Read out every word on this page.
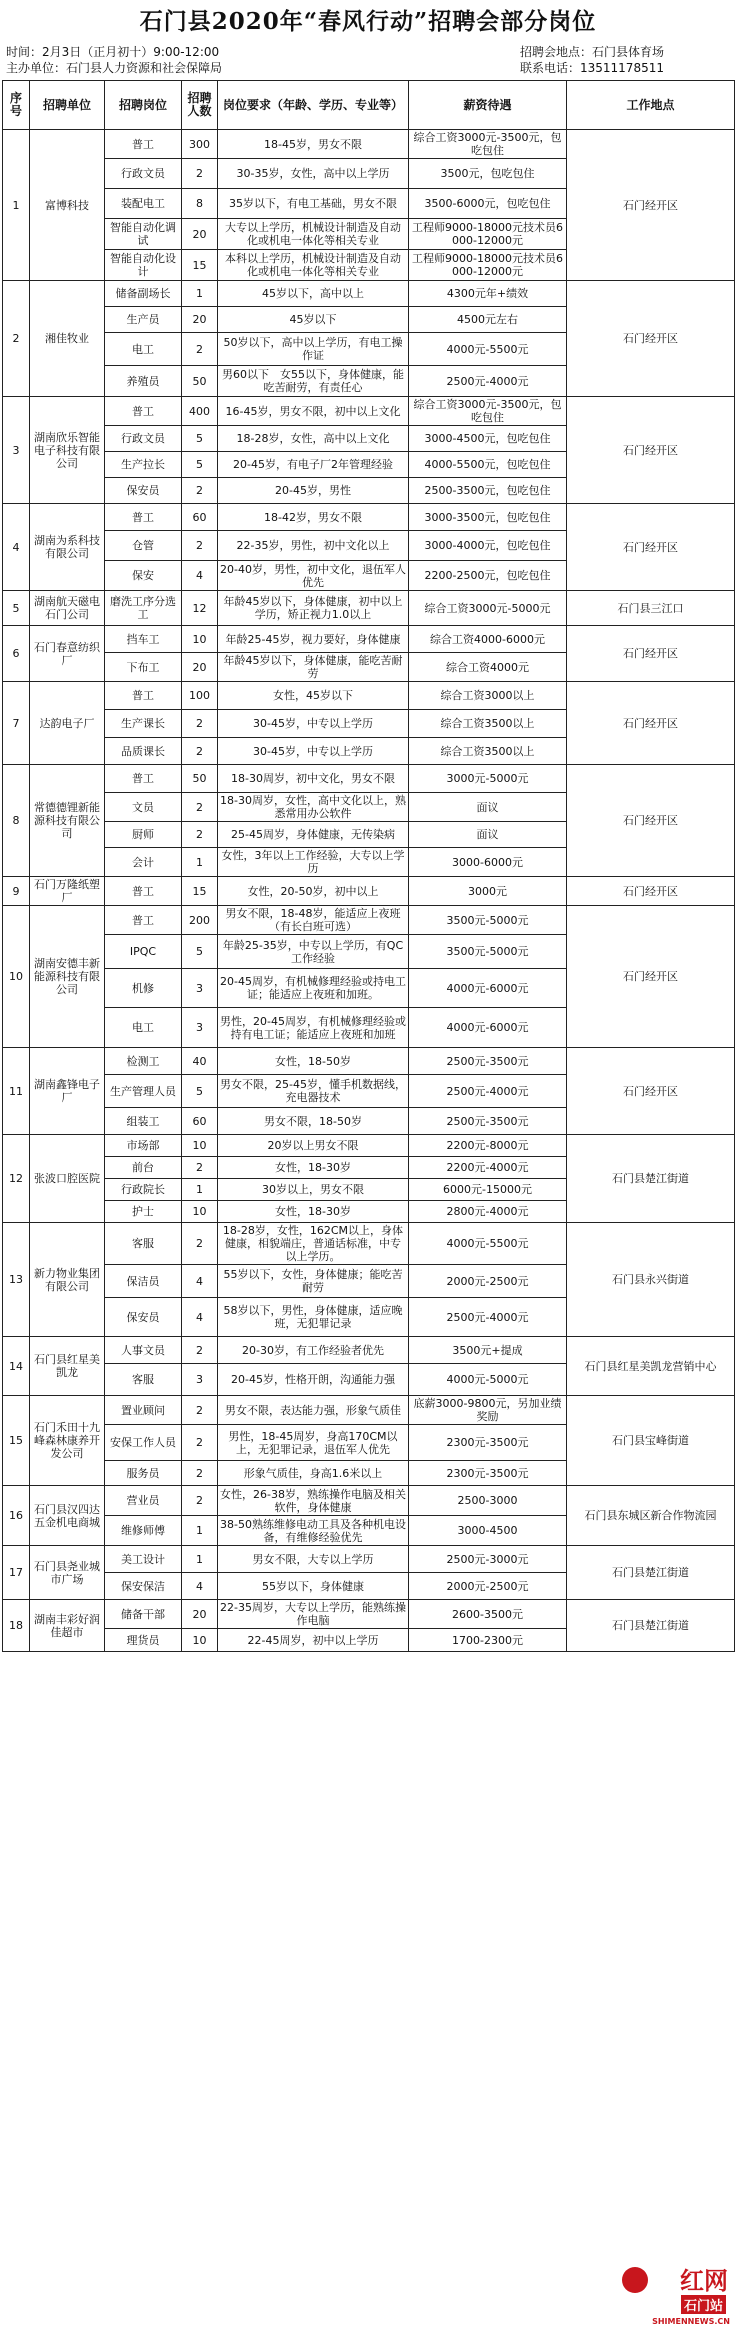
石门县2020年“春风行动”招聘会部分岗位
时间：2月3日（正月初十）9:00-12:00
主办单位：石门县人力资源和社会保障局
招聘会地点：石门县体育场
联系电话：13511178511
序号	招聘单位	招聘岗位	招聘人数	岗位要求（年龄、学历、专业等）	薪资待遇	工作地点
1	富博科技	普工	300	18-45岁，男女不限	综合工资3000元-3500元，包吃包住	石门经开区
		行政文员	2	30-35岁，女性，高中以上学历	3500元，包吃包住	
		装配电工	8	35岁以下，有电工基础，男女不限	3500-6000元，包吃包住	
		智能自动化调试	20	大专以上学历，机械设计制造及自动化或机电一体化等相关专业	工程师9000-18000元技术员6000-12000元	
		智能自动化设计	15	本科以上学历，机械设计制造及自动化或机电一体化等相关专业	工程师9000-18000元技术员6000-12000元	
2	湘佳牧业	储备副场长	1	45岁以下，高中以上	4300元年+绩效	石门经开区
		生产员	20	45岁以下	4500元左右	
		电工	2	50岁以下，高中以上学历，有电工操作证	4000元-5500元	
		养殖员	50	男60以下　女55以下，身体健康，能吃苦耐劳，有责任心	2500元-4000元	
3	湖南欣乐智能电子科技有限公司	普工	400	16-45岁，男女不限，初中以上文化	综合工资3000元-3500元，包吃包住	石门经开区
		行政文员	5	18-28岁，女性，高中以上文化	3000-4500元，包吃包住	
		生产拉长	5	20-45岁，有电子厂2年管理经验	4000-5500元，包吃包住	
		保安员	2	20-45岁，男性	2500-3500元，包吃包住	
4	湖南为系科技有限公司	普工	60	18-42岁，男女不限	3000-3500元，包吃包住	石门经开区
		仓管	2	22-35岁，男性，初中文化以上	3000-4000元，包吃包住	
		保安	4	20-40岁，男性，初中文化，退伍军人优先	2200-2500元，包吃包住	
5	湖南航天磁电石门公司	磨洗工序分选工	12	年龄45岁以下，身体健康，初中以上学历，矫正视力1.0以上	综合工资3000元-5000元	石门县三江口
6	石门春意纺织厂	挡车工	10	年龄25-45岁，视力要好，身体健康	综合工资4000-6000元	石门经开区
		下布工	20	年龄45岁以下，身体健康，能吃苦耐劳	综合工资4000元	
7	达韵电子厂	普工	100	女性，45岁以下	综合工资3000以上	石门经开区
		生产课长	2	30-45岁，中专以上学历	综合工资3500以上	
		品质课长	2	30-45岁，中专以上学历	综合工资3500以上	
8	常德德锂新能源科技有限公司	普工	50	18-30周岁，初中文化，男女不限	3000元-5000元	石门经开区
		文员	2	18-30周岁，女性，高中文化以上，熟悉常用办公软件	面议	
		厨师	2	25-45周岁，身体健康，无传染病	面议	
		会计	1	女性，3年以上工作经验，大专以上学历	3000-6000元	
9	石门万隆纸塑厂	普工	15	女性，20-50岁，初中以上	3000元	石门经开区
10	湖南安德丰新能源科技有限公司	普工	200	男女不限，18-48岁，能适应上夜班（有长白班可选）	3500元-5000元	石门经开区
		IPQC	5	年龄25-35岁，中专以上学历，有QC工作经验	3500元-5000元	
		机修	3	20-45周岁，有机械修理经验或持电工证；能适应上夜班和加班。	4000元-6000元	
		电工	3	男性，20-45周岁，有机械修理经验或持有电工证；能适应上夜班和加班	4000元-6000元	
11	湖南鑫锋电子厂	检测工	40	女性，18-50岁	2500元-3500元	石门经开区
		生产管理人员	5	男女不限，25-45岁，懂手机数据线，充电器技术	2500元-4000元	
		组装工	60	男女不限，18-50岁	2500元-3500元	
12	张波口腔医院	市场部	10	20岁以上男女不限	2200元-8000元	石门县楚江街道
		前台	2	女性，18-30岁	2200元-4000元	
		行政院长	1	30岁以上，男女不限	6000元-15000元	
		护士	10	女性，18-30岁	2800元-4000元	
13	新力物业集团有限公司	客服	2	18-28岁，女性，162CM以上，身体健康，相貌端庄，普通话标准，中专以上学历。	4000元-5500元	石门县永兴街道
		保洁员	4	55岁以下，女性，身体健康；能吃苦耐劳	2000元-2500元	
		保安员	4	58岁以下，男性，身体健康，适应晚班，无犯罪记录	2500元-4000元	
14	石门县红星美凯龙	人事文员	2	20-30岁，有工作经验者优先	3500元+提成	石门县红星美凯龙营销中心
		客服	3	20-45岁，性格开朗，沟通能力强	4000元-5000元	
15	石门禾田十九峰森林康养开发公司	置业顾问	2	男女不限，表达能力强，形象气质佳	底薪3000-9800元，另加业绩奖励	石门县宝峰街道
		安保工作人员	2	男性，18-45周岁，身高170CM以上，无犯罪记录，退伍军人优先	2300元-3500元	
		服务员	2	形象气质佳，身高1.6米以上	2300元-3500元	
16	石门县汉四达五金机电商城	营业员	2	女性，26-38岁，熟练操作电脑及相关软件，身体健康	2500-3000	石门县东城区新合作物流园
		维修师傅	1	38-50熟练维修电动工具及各种机电设备，有维修经验优先	3000-4500	
17	石门县尧业城市广场	美工设计	1	男女不限，大专以上学历	2500元-3000元	石门县楚江街道
		保安保洁	4	55岁以下，身体健康	2000元-2500元	
18	湖南丰彩好润佳超市	储备干部	20	22-35周岁，大专以上学历，能熟练操作电脑	2600-3500元	石门县楚江街道
		理货员	10	22-45周岁，初中以上学历	1700-2300元	
红网
石门站
SHIMENNEWS.CN
